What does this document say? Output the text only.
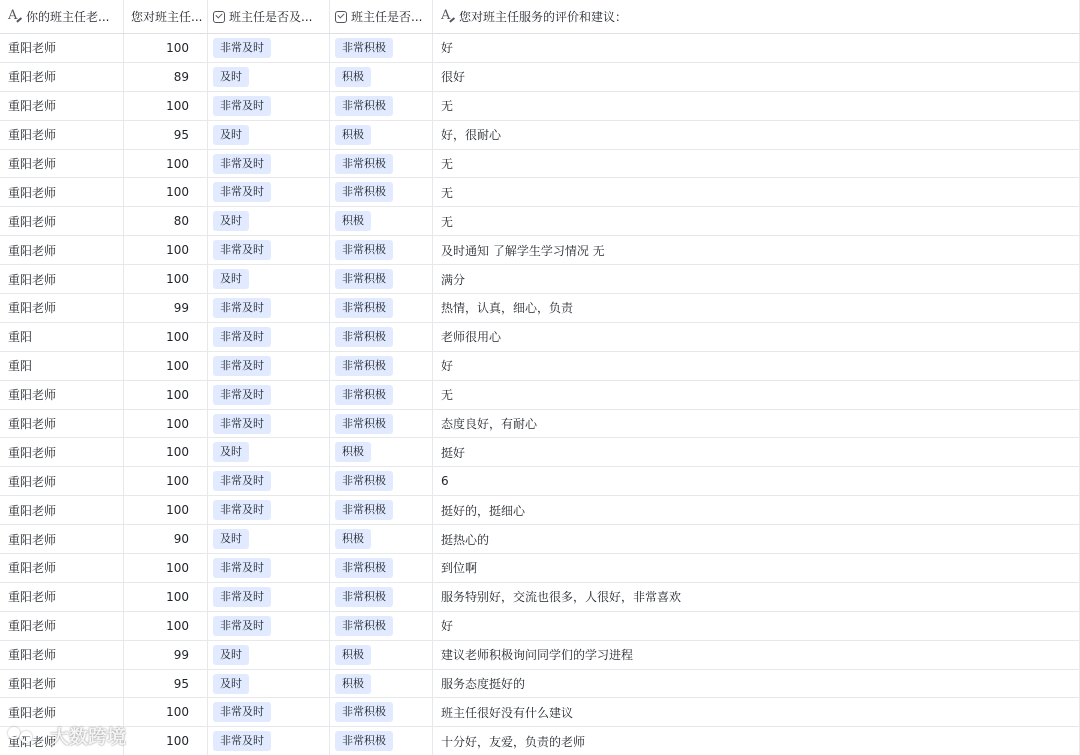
A
你的班主任老... 您对班主任... 班主任是否及...	班主任是否...
A	您对班主任服务的评价和建议：
重阳老师	100	非常及时	非常积极	好
重阳老师	89	及时	积极	很好
重阳老师	100	非常及时	非常积极	无
重阳老师	95	及时	积极	好，很耐心
重阳老师	100	非常及时	非常积极	无
重阳老师	100	非常及时	非常积极	无
重阳老师	80	及时	积极	无
重阳老师	100	非常及时	非常积极	及时通知 了解学生学习情况 无
重阳老师	100	及时	非常积极	满分
重阳老师	99	非常及时	非常积极	热情，认真，细心，负责
重阳	100	非常及时	非常积极	老师很用心
重阳	100	非常及时	非常积极	好
重阳老师	100	非常及时	非常积极	无
重阳老师	100	非常及时	非常积极	态度良好，有耐心
重阳老师	100	及时	积极	挺好
重阳老师	100	非常及时	非常积极	6
重阳老师	100	非常及时	非常积极	挺好的，挺细心
重阳老师	90	及时	积极	挺热心的
重阳老师	100	非常及时	非常积极	到位啊
重阳老师	100	非常及时	非常积极	服务特别好，交流也很多，人很好，非常喜欢
重阳老师	100	非常及时	非常积极	好
重阳老师	99	及时	积极	建议老师积极询问同学们的学习进程
重阳老师	95	及时	积极	服务态度挺好的
重阳老师	100	非常及时	非常积极	班主任很好没有什么建议
重阳老师	100	非常及时	非常积极	十分好，友爱，负责的老师
大数跨境
